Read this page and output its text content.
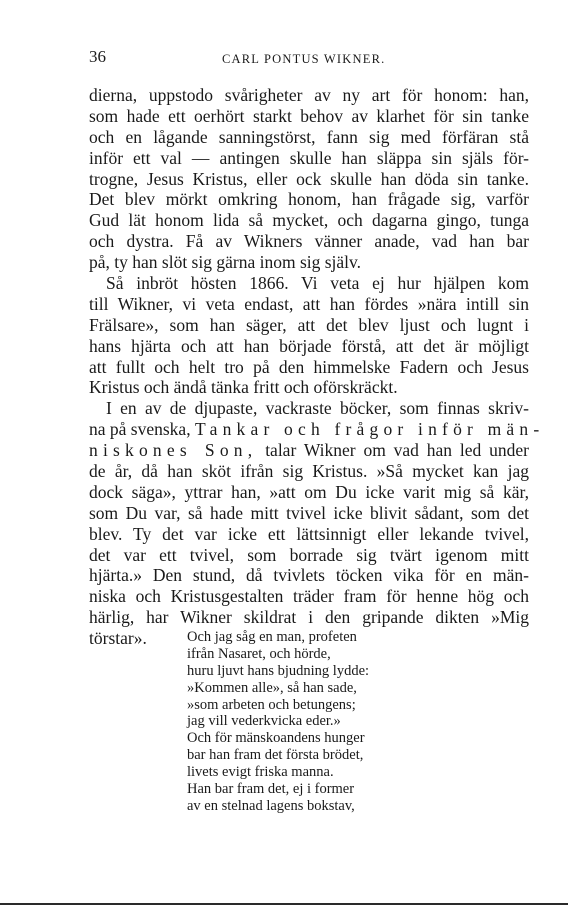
36	CARL PONTUS WIKNER.
dierna, uppstodo svårigheter av ny art för honom: han,
som hade ett oerhört starkt behov av klarhet för sin tanke
och en lågande sanningstörst, fann sig med förfäran stå
inför ett val — antingen skulle han släppa sin själs för-
trogne, Jesus Kristus, eller ock skulle han döda sin tanke.
Det blev mörkt omkring honom, han frågade sig, varför
Gud lät honom lida så mycket, och dagarna gingo, tunga
och dystra. Få av Wikners vänner anade, vad han bar
på, ty han slöt sig gärna inom sig själv.
Så inbröt hösten 1866. Vi veta ej hur hjälpen kom
till Wikner, vi veta endast, att han fördes »nära intill sin
Frälsare», som han säger, att det blev ljust och lugnt i
hans hjärta och att han började förstå, att det är möjligt
att fullt och helt tro på den himmelske Fadern och Jesus
Kristus och ändå tänka fritt och oförskräckt.
I en av de djupaste, vackraste böcker, som finnas skriv-
na på svenska, Tankar och frågor inför män-
niskones Son, talar Wikner om vad han led under
de år, då han sköt ifrån sig Kristus. »Så mycket kan jag
dock säga», yttrar han, »att om Du icke varit mig så kär,
som Du var, så hade mitt tvivel icke blivit sådant, som det
blev. Ty det var icke ett lättsinnigt eller lekande tvivel,
det var ett tvivel, som borrade sig tvärt igenom mitt
hjärta.» Den stund, då tvivlets töcken vika för en män-
niska och Kristusgestalten träder fram för henne hög och
härlig, har Wikner skildrat i den gripande dikten »Mig
törstar».	Och jag såg en man, profeten
ifrån Nasaret, och hörde,
huru ljuvt hans bjudning lydde:
»Kommen alle», så han sade,
»som arbeten och betungens;
jag vill vederkvicka eder.»
Och för mänskoandens hunger
bar han fram det första brödet,
livets evigt friska manna.
Han bar fram det, ej i former
av en stelnad lagens bokstav,
